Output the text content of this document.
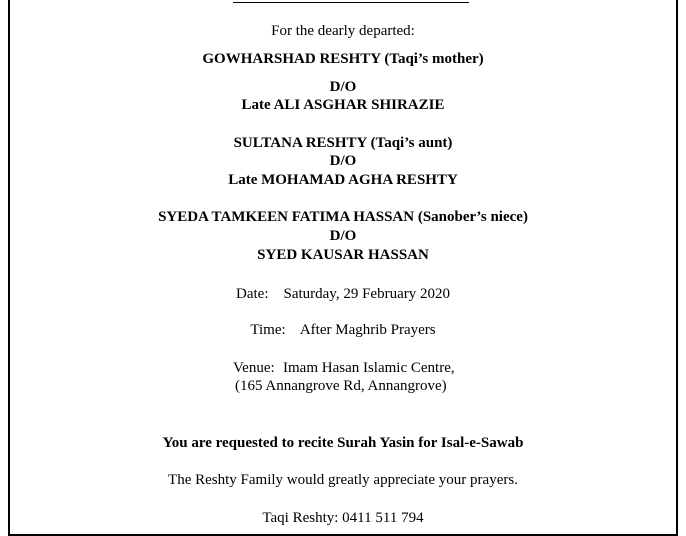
For the dearly departed:
GOWHARSHAD RESHTY (Taqi’s mother)
D/O
Late ALI ASGHAR SHIRAZIE
SULTANA RESHTY (Taqi’s aunt)
D/O
Late MOHAMAD AGHA RESHTY
SYEDA TAMKEEN FATIMA HASSAN (Sanober’s niece)
D/O
SYED KAUSAR HASSAN
Date: Saturday, 29 February 2020
Time: After Maghrib Prayers
Venue: Imam Hasan Islamic Centre,
(165 Annangrove Rd, Annangrove)
You are requested to recite Surah Yasin for Isal-e-Sawab
The Reshty Family would greatly appreciate your prayers.
Taqi Reshty: 0411 511 794
